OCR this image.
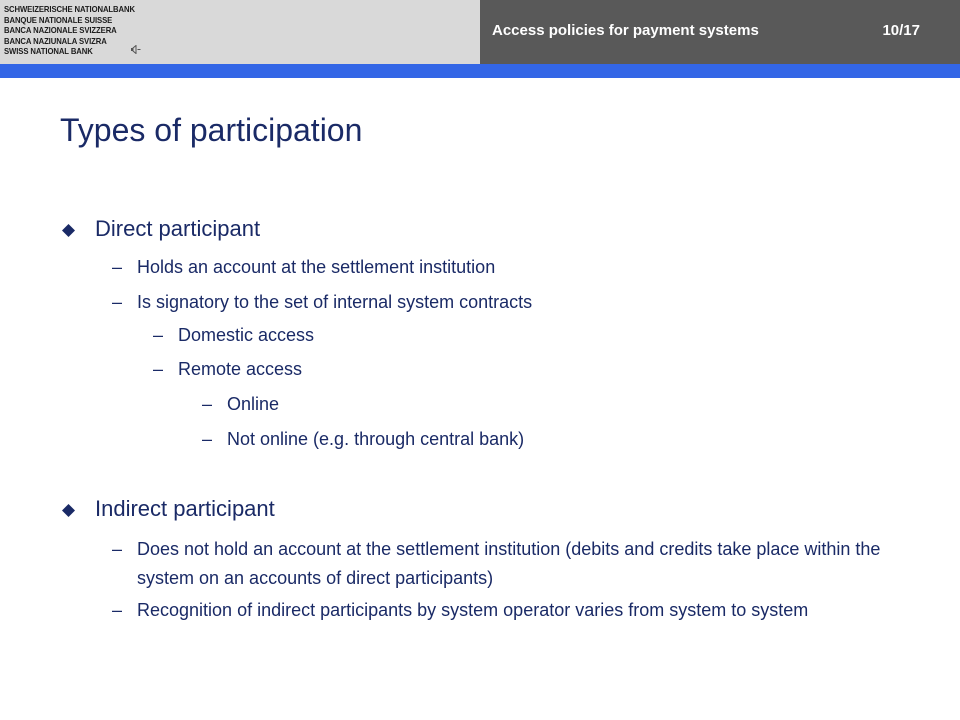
SCHWEIZERISCHE NATIONALBANK
BANQUE NATIONALE SUISSE
BANCA NAZIONALE SVIZZERA
BANCA NAZIUNALA SVIZRA
SWISS NATIONAL BANK
Access policies for payment systems	10/17
Types of participation
Direct participant
– Holds an account at the settlement institution
– Is signatory to the set of internal system contracts
– Domestic access
– Remote access
– Online
– Not online (e.g. through central bank)
Indirect participant
– Does not hold an account at the settlement institution (debits and credits take place within the system on an accounts of direct participants)
– Recognition of indirect participants by system operator varies from system to system
